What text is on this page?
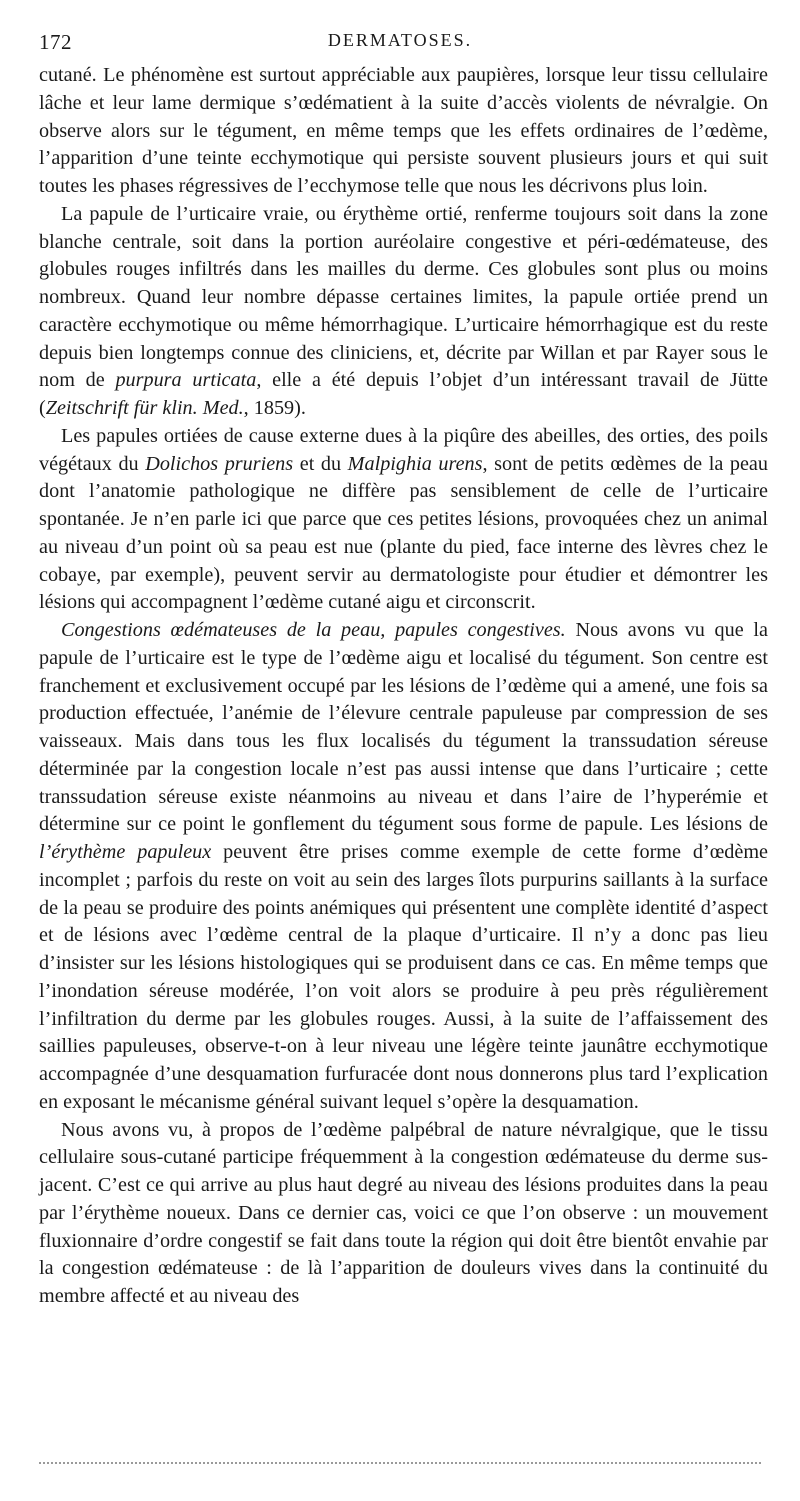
172	DERMATOSES.

cutané. Le phénomène est surtout appréciable aux paupières, lorsque leur tissu cellulaire lâche et leur lame dermique s’œdématient à la suite d’accès violents de névralgie. On observe alors sur le tégument, en même temps que les effets ordinaires de l’œdème, l’apparition d’une teinte ecchymotique qui persiste souvent plusieurs jours et qui suit toutes les phases régressives de l’ecchymose telle que nous les décrivons plus loin.

La papule de l’urticaire vraie, ou érythème ortié, renferme toujours soit dans la zone blanche centrale, soit dans la portion auréolaire congestive et péri-œdémateuse, des globules rouges infiltrés dans les mailles du derme. Ces globules sont plus ou moins nombreux. Quand leur nombre dépasse certaines limites, la papule ortiée prend un caractère ecchymotique ou même hémorrhagique. L’urticaire hémorrhagique est du reste depuis bien longtemps connue des cliniciens, et, décrite par Willan et par Rayer sous le nom de purpura urticata, elle a été depuis l’objet d’un intéressant travail de Jütte (Zeitschrift für klin. Med., 1859).

Les papules ortiées de cause externe dues à la piqûre des abeilles, des orties, des poils végétaux du Dolichos pruriens et du Malpighia urens, sont de petits œdèmes de la peau dont l’anatomie pathologique ne diffère pas sensiblement de celle de l’urticaire spontanée. Je n’en parle ici que parce que ces petites lésions, provoquées chez un animal au niveau d’un point où sa peau est nue (plante du pied, face interne des lèvres chez le cobaye, par exemple), peuvent servir au dermatologiste pour étudier et démontrer les lésions qui accompagnent l’œdème cutané aigu et circonscrit.

Congestions œdémateuses de la peau, papules congestives. Nous avons vu que la papule de l’urticaire est le type de l’œdème aigu et localisé du tégument. Son centre est franchement et exclusivement occupé par les lésions de l’œdème qui a amené, une fois sa production effectuée, l’anémie de l’élevure centrale papuleuse par compression de ses vaisseaux. Mais dans tous les flux localisés du tégument la transsudation séreuse déterminée par la congestion locale n’est pas aussi intense que dans l’urticaire ; cette transsudation séreuse existe néanmoins au niveau et dans l’aire de l’hyperémie et détermine sur ce point le gonflement du tégument sous forme de papule. Les lésions de l’érythème papuleux peuvent être prises comme exemple de cette forme d’œdème incomplet ; parfois du reste on voit au sein des larges îlots purpurins saillants à la surface de la peau se produire des points anémiques qui présentent une complète identité d’aspect et de lésions avec l’œdème central de la plaque d’urticaire. Il n’y a donc pas lieu d’insister sur les lésions histologiques qui se produisent dans ce cas. En même temps que l’inondation séreuse modérée, l’on voit alors se produire à peu près régulièrement l’infiltration du derme par les globules rouges. Aussi, à la suite de l’affaissement des saillies papuleuses, observe-t-on à leur niveau une légère teinte jaunâtre ecchymotique accompagnée d’une desquamation furfuracée dont nous donnerons plus tard l’explication en exposant le mécanisme général suivant lequel s’opère la desquamation.

Nous avons vu, à propos de l’œdème palpébral de nature névralgique, que le tissu cellulaire sous-cutané participe fréquemment à la congestion œdémateuse du derme sus-jacent. C’est ce qui arrive au plus haut degré au niveau des lésions produites dans la peau par l’érythème noueux. Dans ce dernier cas, voici ce que l’on observe : un mouvement fluxionnaire d’ordre congestif se fait dans toute la région qui doit être bientôt envahie par la congestion œdémateuse : de là l’apparition de douleurs vives dans la continuité du membre affecté et au niveau des
